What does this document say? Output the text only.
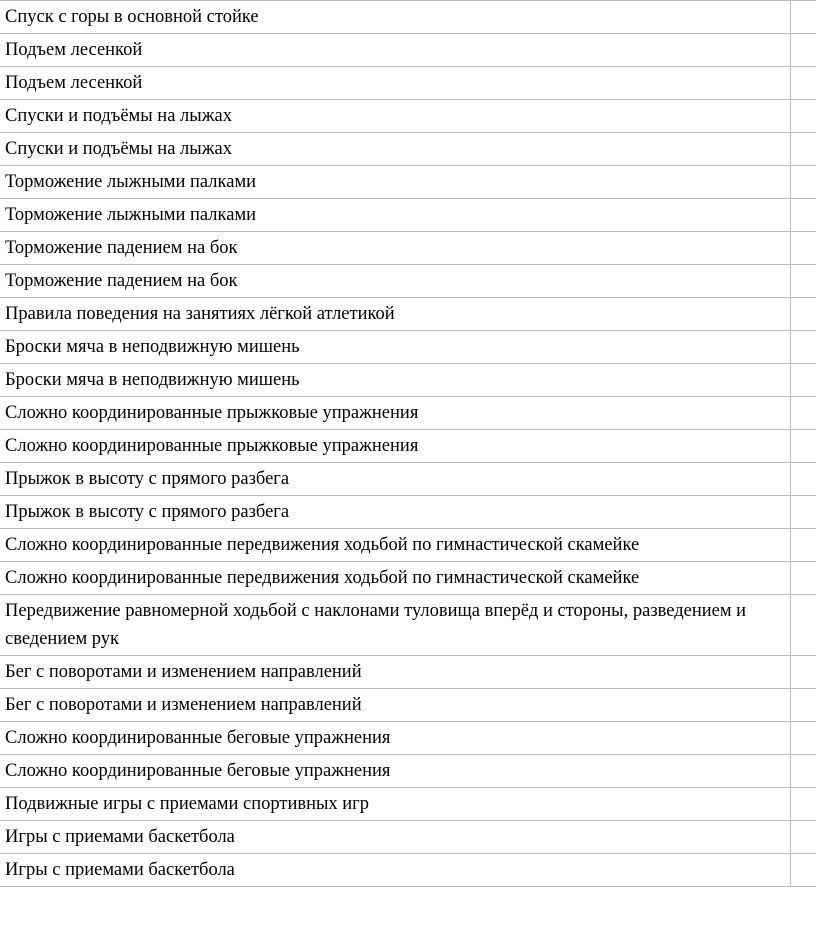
Спуск с горы в основной стойке	
Подъем лесенкой	
Подъем лесенкой	
Спуски и подъёмы на лыжах	
Спуски и подъёмы на лыжах	
Торможение лыжными палками	
Торможение лыжными палками	
Торможение падением на бок	
Торможение падением на бок	
Правила поведения на занятиях лёгкой атлетикой	
Броски мяча в неподвижную мишень	
Броски мяча в неподвижную мишень	
Сложно координированные прыжковые упражнения	
Сложно координированные прыжковые упражнения	
Прыжок в высоту с прямого разбега	
Прыжок в высоту с прямого разбега	
Сложно координированные передвижения ходьбой по гимнастической скамейке	
Сложно координированные передвижения ходьбой по гимнастической скамейке	
Передвижение равномерной ходьбой с наклонами туловища вперёд и стороны, разведением и сведением рук	
Бег с поворотами и изменением направлений	
Бег с поворотами и изменением направлений	
Сложно координированные беговые упражнения	
Сложно координированные беговые упражнения	
Подвижные игры с приемами спортивных игр	
Игры с приемами баскетбола	
Игры с приемами баскетбола	
